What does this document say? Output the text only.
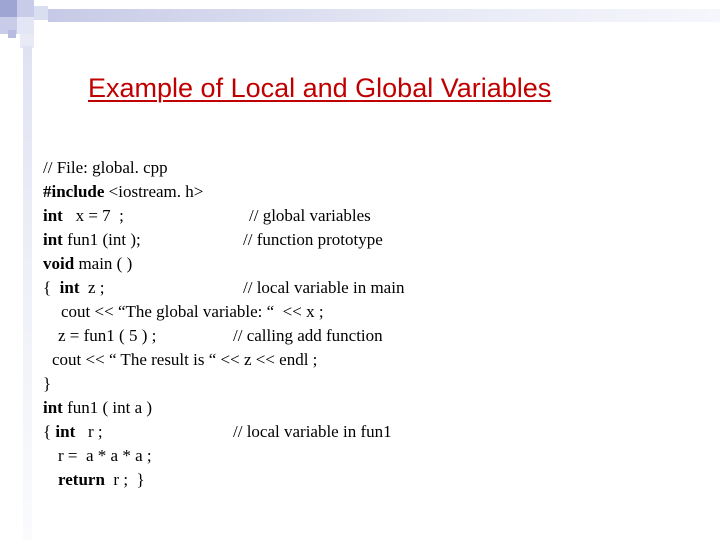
Example of Local and Global Variables

// File: global. cpp

#include <iostream. h>

int   x = 7  ;

	// global variables

int fun1 (int );

	// function prototype

void main ( )

{  int  z ;

	// local variable in main

cout << “The global variable: “  << x ;

z = fun1 ( 5 ) ;

	// calling add function

cout << “ The result is “ << z << endl ;

}

int fun1 ( int a )

{ int   r ;

	// local variable in fun1

r =  a * a * a ;

return  r ;  }
